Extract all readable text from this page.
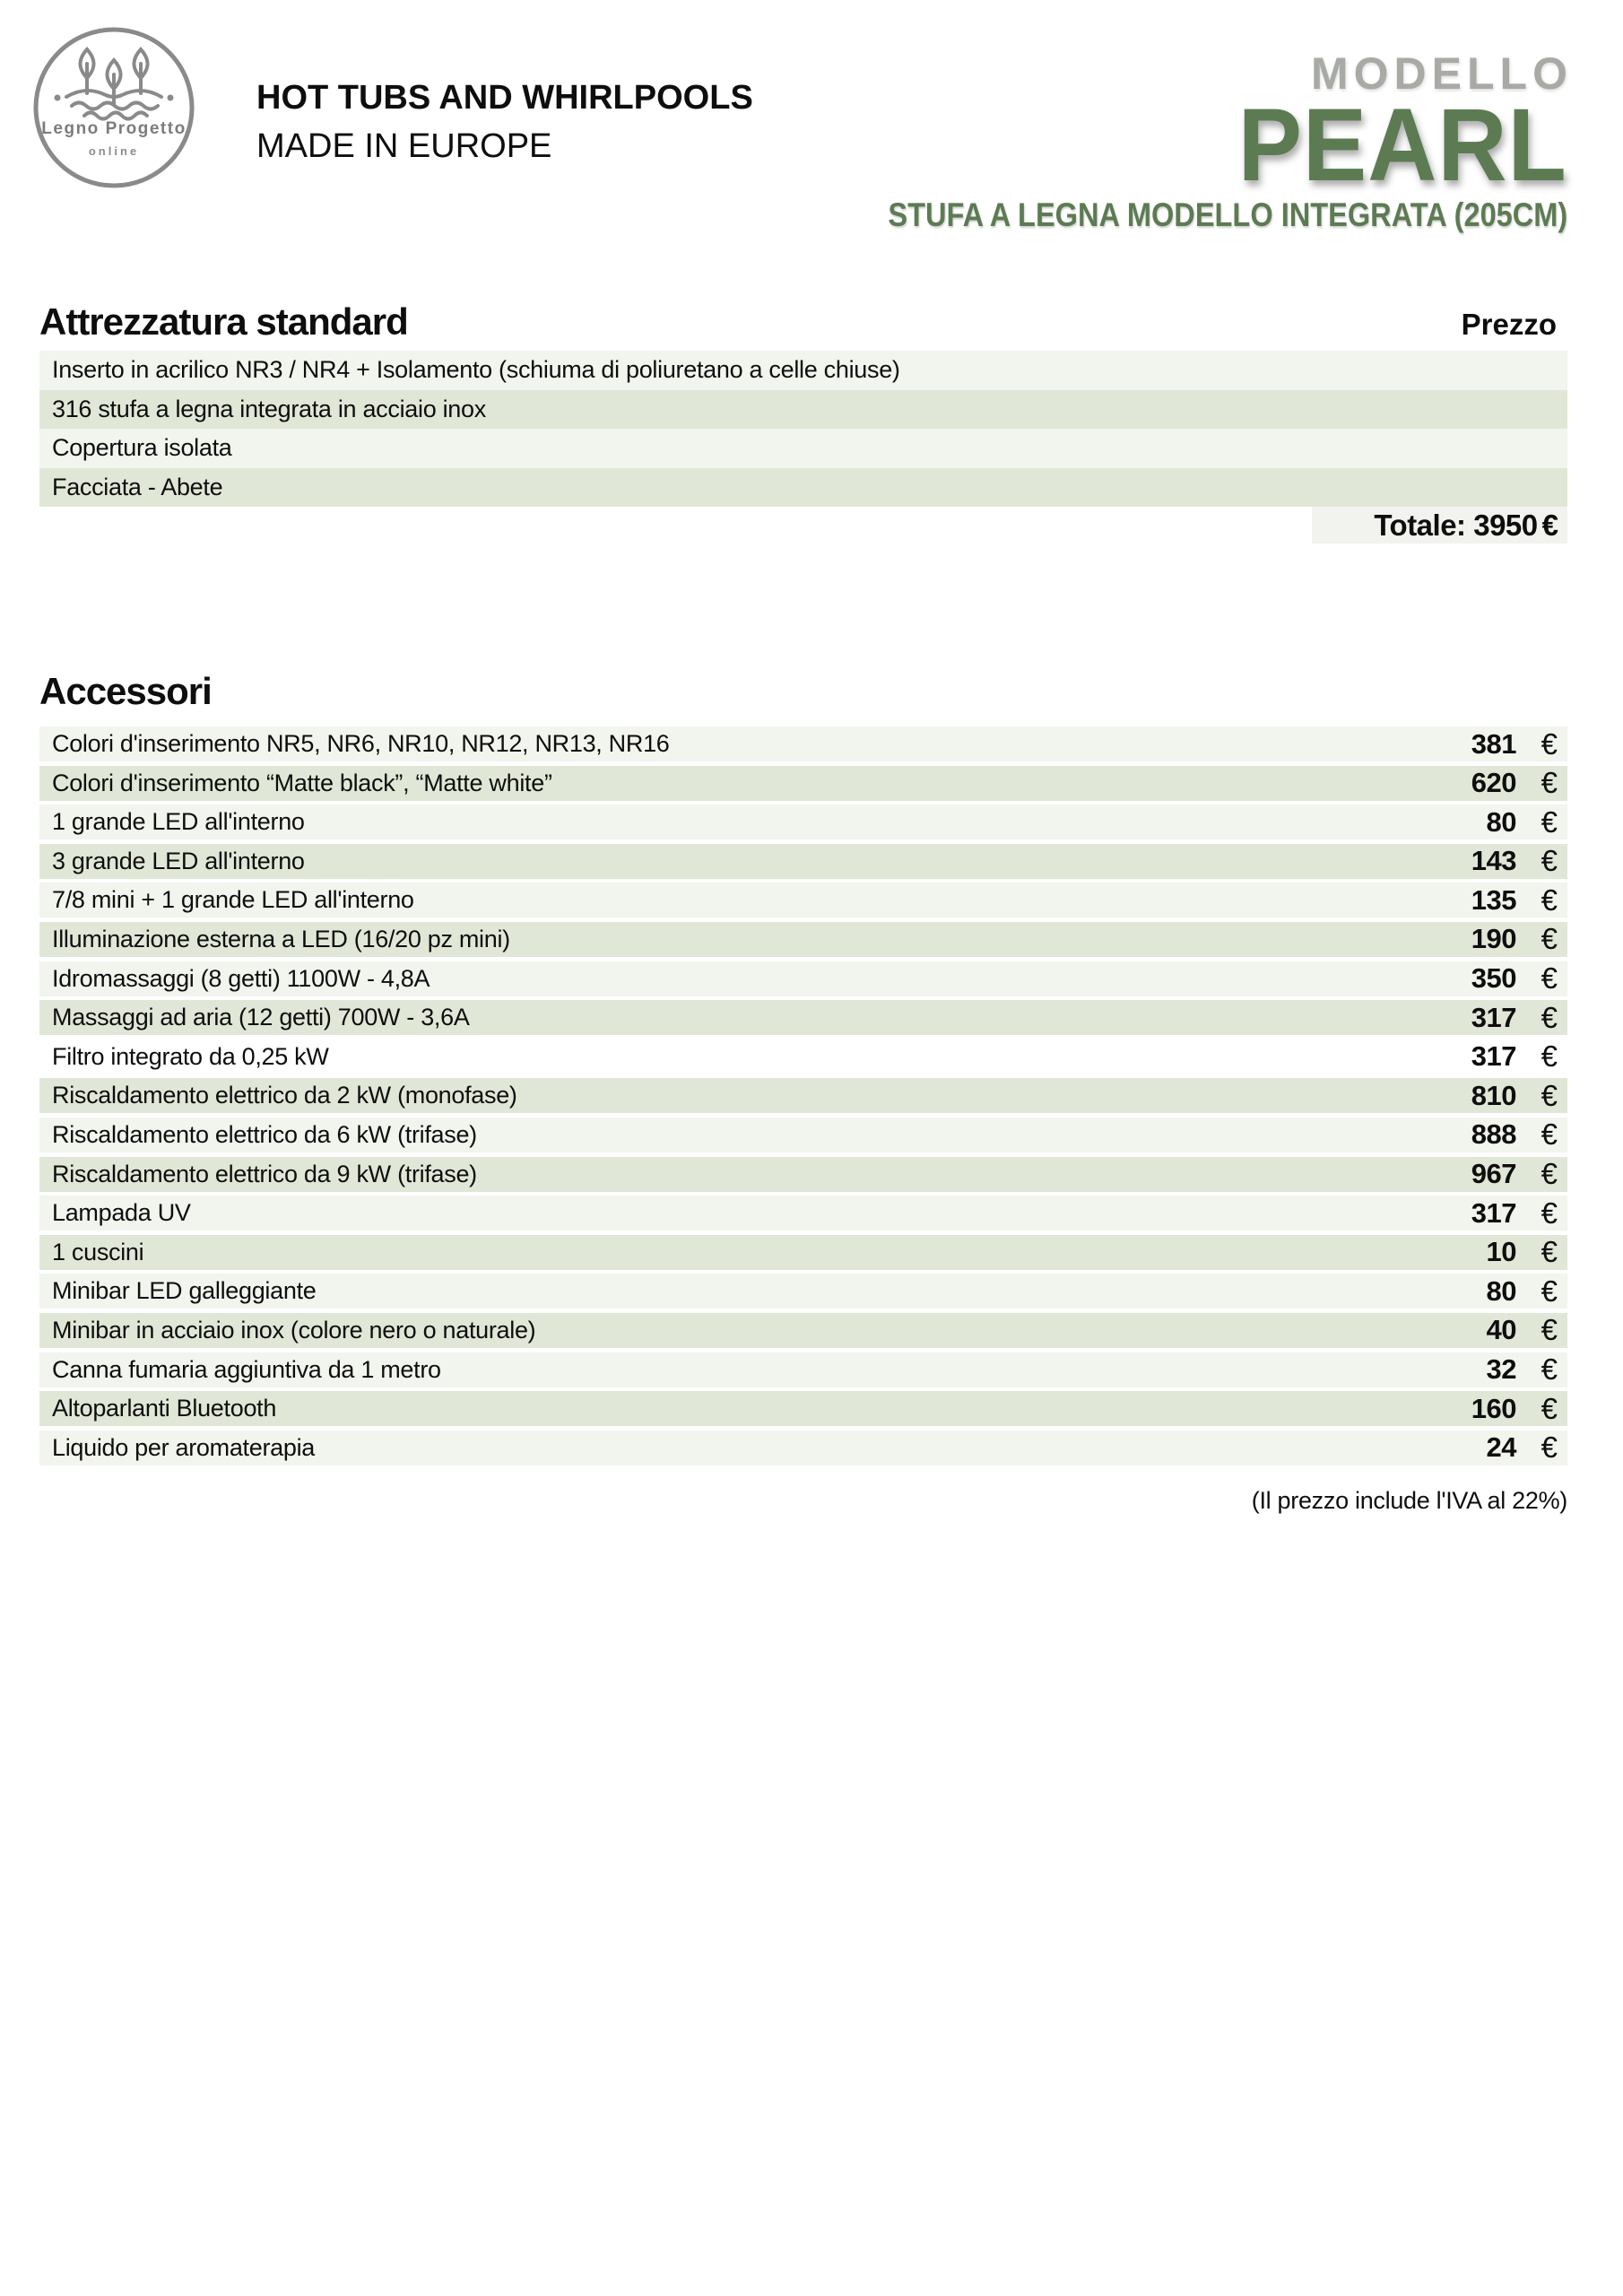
Legno Progetto
online
HOT TUBS AND WHIRLPOOLS
MADE IN EUROPE
MODELLO
PEARL
STUFA A LEGNA MODELLO INTEGRATA (205CM)
Attrezzatura standard	Prezzo
Inserto in acrilico NR3 / NR4 + Isolamento (schiuma di poliuretano a celle chiuse)
316 stufa a legna integrata in acciaio inox
Copertura isolata
Facciata - Abete
Totale: 3950 €
Accessori
Colori d'inserimento NR5, NR6, NR10, NR12, NR13, NR16	381 €
Colori d'inserimento “Matte black”, “Matte white”	620 €
1 grande LED all'interno	80 €
3 grande LED all'interno	143 €
7/8 mini + 1 grande LED all'interno	135 €
Illuminazione esterna a LED (16/20 pz mini)	190 €
Idromassaggi (8 getti) 1100W - 4,8A	350 €
Massaggi ad aria (12 getti) 700W - 3,6A	317 €
Filtro integrato da 0,25 kW	317 €
Riscaldamento elettrico da 2 kW (monofase)	810 €
Riscaldamento elettrico da 6 kW (trifase)	888 €
Riscaldamento elettrico da 9 kW (trifase)	967 €
Lampada UV	317 €
1 cuscini	10 €
Minibar LED galleggiante	80 €
Minibar in acciaio inox (colore nero o naturale)	40 €
Canna fumaria aggiuntiva da 1 metro	32 €
Altoparlanti Bluetooth	160 €
Liquido per aromaterapia	24 €
(Il prezzo include l'IVA al 22%)
